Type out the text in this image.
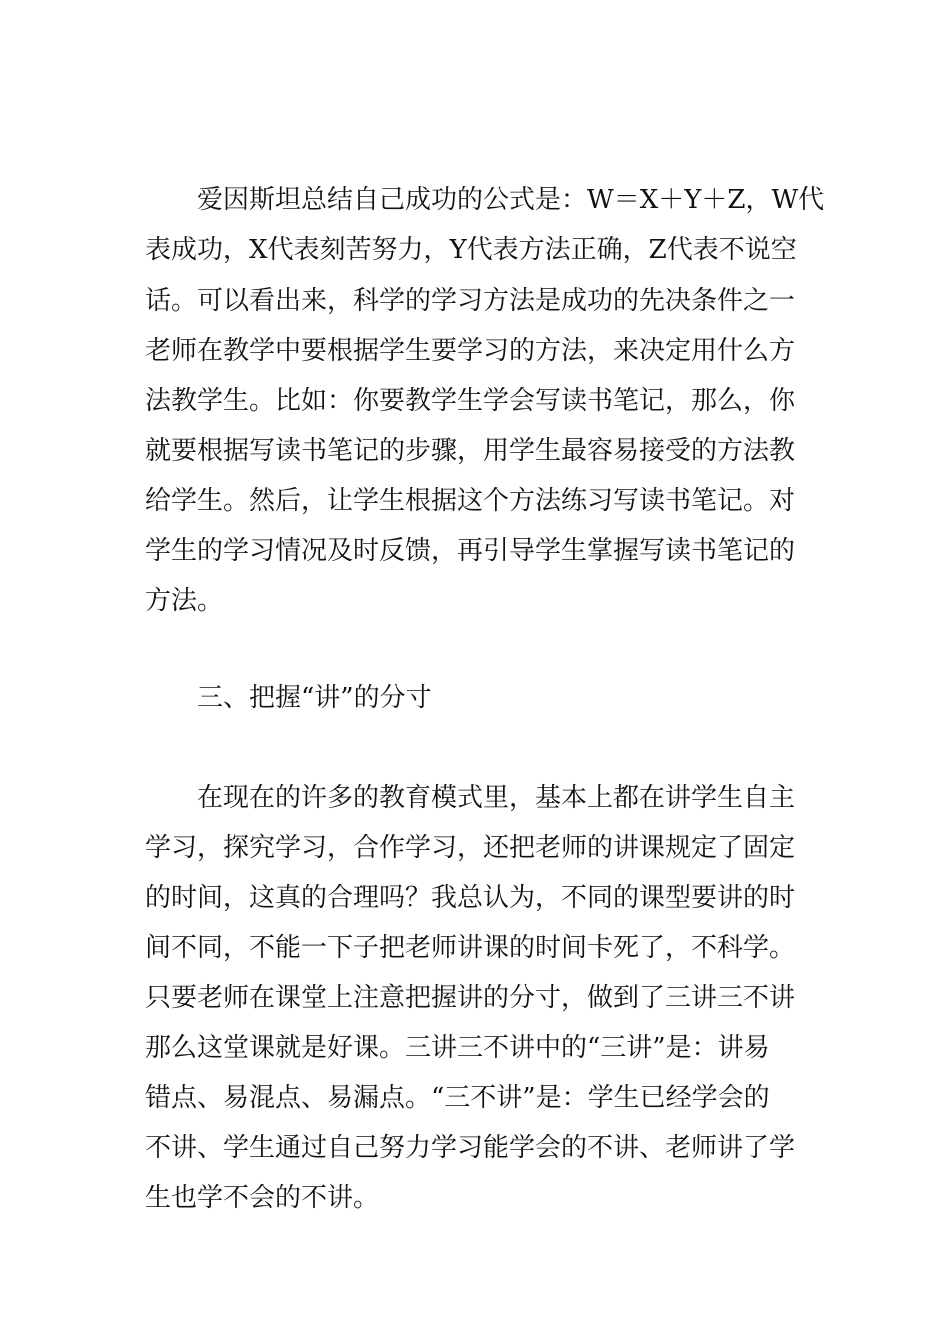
　　爱因斯坦总结自己成功的公式是：W＝X＋Y＋Z，W代
表成功，X代表刻苦努力，Y代表方法正确，Z代表不说空
话。可以看出来，科学的学习方法是成功的先决条件之一
老师在教学中要根据学生要学习的方法，来决定用什么方
法教学生。比如：你要教学生学会写读书笔记，那么，你
就要根据写读书笔记的步骤，用学生最容易接受的方法教
给学生。然后，让学生根据这个方法练习写读书笔记。对
学生的学习情况及时反馈，再引导学生掌握写读书笔记的
方法。
　　三、把握“讲”的分寸
　　在现在的许多的教育模式里，基本上都在讲学生自主
学习，探究学习，合作学习，还把老师的讲课规定了固定
的时间，这真的合理吗？我总认为，不同的课型要讲的时
间不同，不能一下子把老师讲课的时间卡死了，不科学。
只要老师在课堂上注意把握讲的分寸，做到了三讲三不讲
那么这堂课就是好课。三讲三不讲中的“三讲”是：讲易
错点、易混点、易漏点。“三不讲”是：学生已经学会的
不讲、学生通过自己努力学习能学会的不讲、老师讲了学
生也学不会的不讲。
